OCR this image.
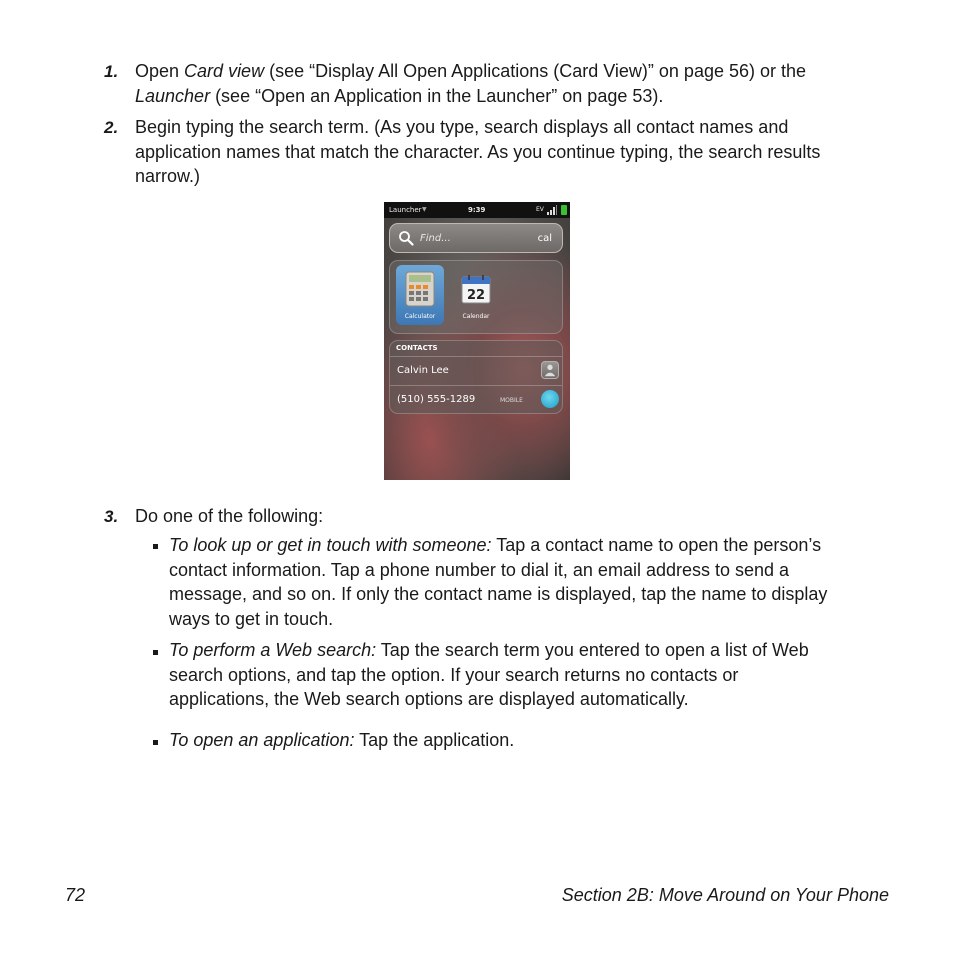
1. Open Card view (see “Display All Open Applications (Card View)” on page 56) or the
Launcher (see “Open an Application in the Launcher” on page 53).
2. Begin typing the search term. (As you type, search displays all contact names and
application names that match the character. As you continue typing, the search results
narrow.)
Launcher ▼	9:39	EV
Find...	cal
Calculator
22
Calendar
CONTACTS
Calvin Lee
(510) 555-1289	MOBILE
3. Do one of the following:
To look up or get in touch with someone: Tap a contact name to open the person’s
contact information. Tap a phone number to dial it, an email address to send a
message, and so on. If only the contact name is displayed, tap the name to display
ways to get in touch.
To perform a Web search: Tap the search term you entered to open a list of Web
search options, and tap the option. If your search returns no contacts or
applications, the Web search options are displayed automatically.
To open an application: Tap the application.
72	Section 2B: Move Around on Your Phone
